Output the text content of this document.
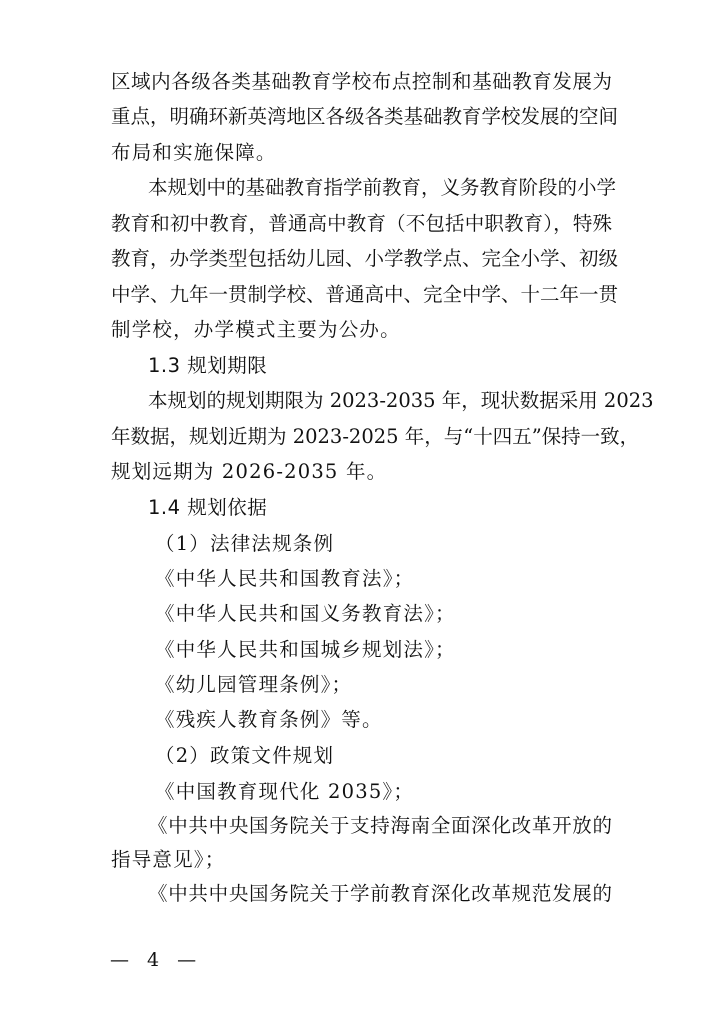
区域内各级各类基础教育学校布点控制和基础教育发展为
重点，明确环新英湾地区各级各类基础教育学校发展的空间
布局和实施保障。
本规划中的基础教育指学前教育，义务教育阶段的小学
教育和初中教育，普通高中教育（不包括中职教育），特殊
教育，办学类型包括幼儿园、小学教学点、完全小学、初级
中学、九年一贯制学校、普通高中、完全中学、十二年一贯
制学校，办学模式主要为公办。
1.3 规划期限
本规划的规划期限为 2023-2035 年，现状数据采用 2023
年数据，规划近期为 2023-2025 年，与“十四五”保持一致，
规划远期为 2026-2035 年。
1.4 规划依据
（1）法律法规条例
《中华人民共和国教育法》；
《中华人民共和国义务教育法》；
《中华人民共和国城乡规划法》；
《幼儿园管理条例》；
《残疾人教育条例》等。
（2）政策文件规划
《中国教育现代化 2035》；
《中共中央国务院关于支持海南全面深化改革开放的
指导意见》；
《中共中央国务院关于学前教育深化改革规范发展的
— 4 —
